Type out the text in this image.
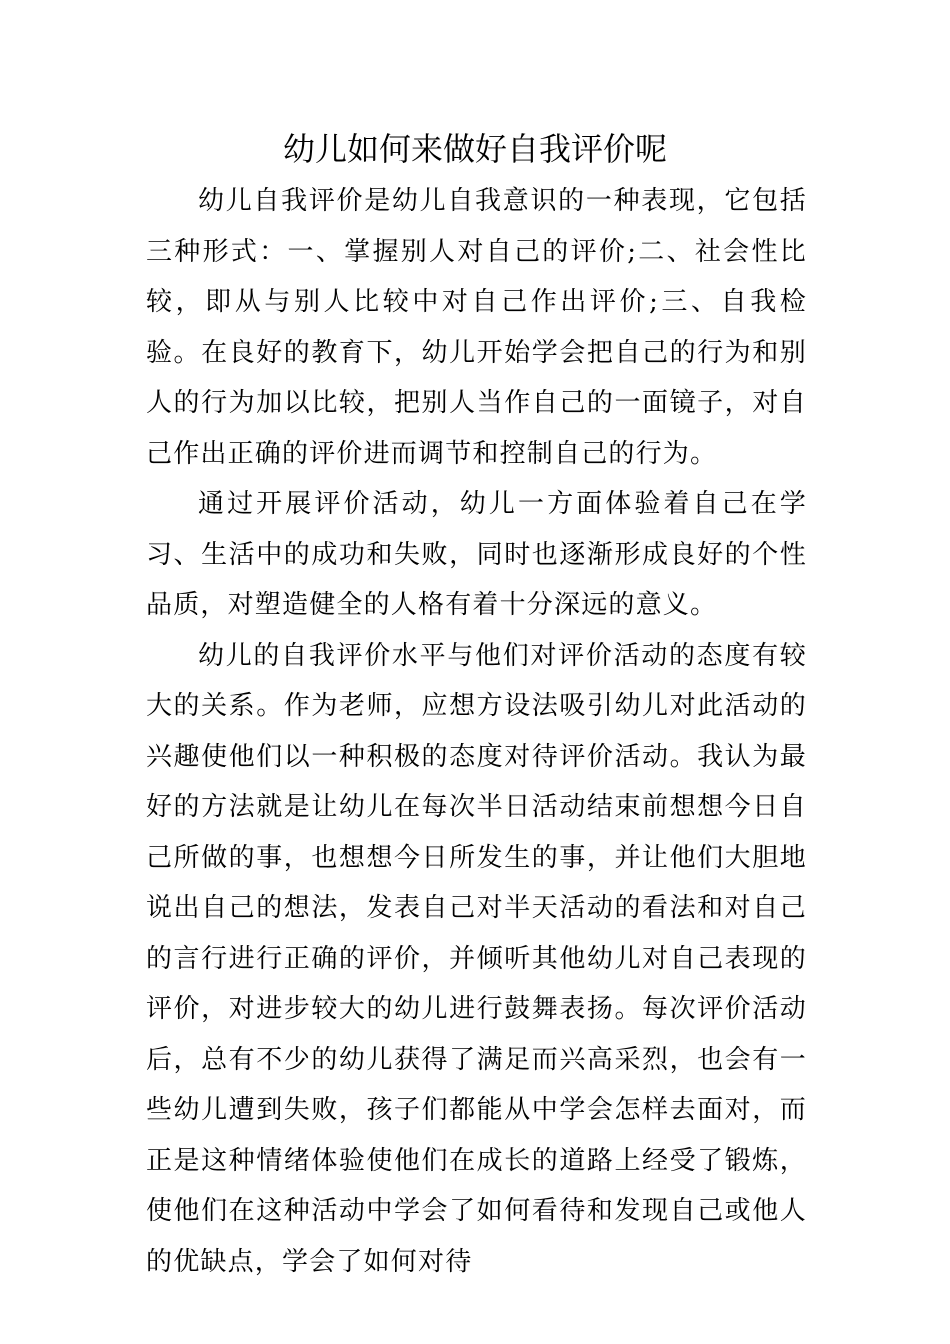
幼儿如何来做好自我评价呢

幼儿自我评价是幼儿自我意识的一种表现，它包括三种形式：一、掌握别人对自己的评价;二、社会性比较，即从与别人比较中对自己作出评价;三、自我检验。在良好的教育下，幼儿开始学会把自己的行为和别人的行为加以比较，把别人当作自己的一面镜子，对自己作出正确的评价进而调节和控制自己的行为。

通过开展评价活动，幼儿一方面体验着自己在学习、生活中的成功和失败，同时也逐渐形成良好的个性品质，对塑造健全的人格有着十分深远的意义。

幼儿的自我评价水平与他们对评价活动的态度有较大的关系。作为老师，应想方设法吸引幼儿对此活动的兴趣使他们以一种积极的态度对待评价活动。我认为最好的方法就是让幼儿在每次半日活动结束前想想今日自己所做的事，也想想今日所发生的事，并让他们大胆地说出自己的想法，发表自己对半天活动的看法和对自己的言行进行正确的评价，并倾听其他幼儿对自己表现的评价，对进步较大的幼儿进行鼓舞表扬。每次评价活动后，总有不少的幼儿获得了满足而兴高采烈，也会有一些幼儿遭到失败，孩子们都能从中学会怎样去面对，而正是这种情绪体验使他们在成长的道路上经受了锻炼，使他们在这种活动中学会了如何看待和发现自己或他人的优缺点，学会了如何对待
